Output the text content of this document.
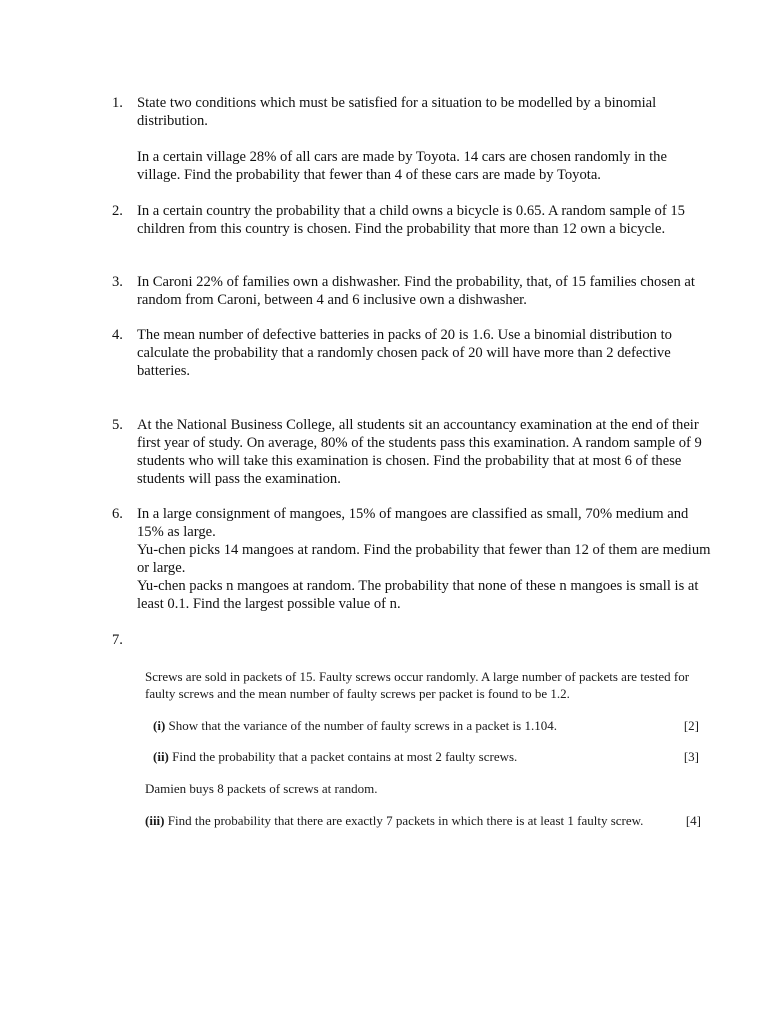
1. State two conditions which must be satisfied for a situation to be modelled by a binomial distribution.

In a certain village 28% of all cars are made by Toyota. 14 cars are chosen randomly in the village. Find the probability that fewer than 4 of these cars are made by Toyota.

2. In a certain country the probability that a child owns a bicycle is 0.65. A random sample of 15 children from this country is chosen. Find the probability that more than 12 own a bicycle.

3. In Caroni 22% of families own a dishwasher. Find the probability, that, of 15 families chosen at random from Caroni, between 4 and 6 inclusive own a dishwasher.

4. The mean number of defective batteries in packs of 20 is 1.6. Use a binomial distribution to calculate the probability that a randomly chosen pack of 20 will have more than 2 defective batteries.

5. At the National Business College, all students sit an accountancy examination at the end of their first year of study. On average, 80% of the students pass this examination. A random sample of 9 students who will take this examination is chosen. Find the probability that at most 6 of these students will pass the examination.

6. In a large consignment of mangoes, 15% of mangoes are classified as small, 70% medium and 15% as large.

Yu-chen picks 14 mangoes at random. Find the probability that fewer than 12 of them are medium or large.

Yu-chen packs n mangoes at random. The probability that none of these n mangoes is small is at least 0.1. Find the largest possible value of n.

7.

Screws are sold in packets of 15. Faulty screws occur randomly. A large number of packets are tested for faulty screws and the mean number of faulty screws per packet is found to be 1.2.

(i) Show that the variance of the number of faulty screws in a packet is 1.104.	[2]

(ii) Find the probability that a packet contains at most 2 faulty screws.	[3]

Damien buys 8 packets of screws at random.

(iii) Find the probability that there are exactly 7 packets in which there is at least 1 faulty screw.	[4]
